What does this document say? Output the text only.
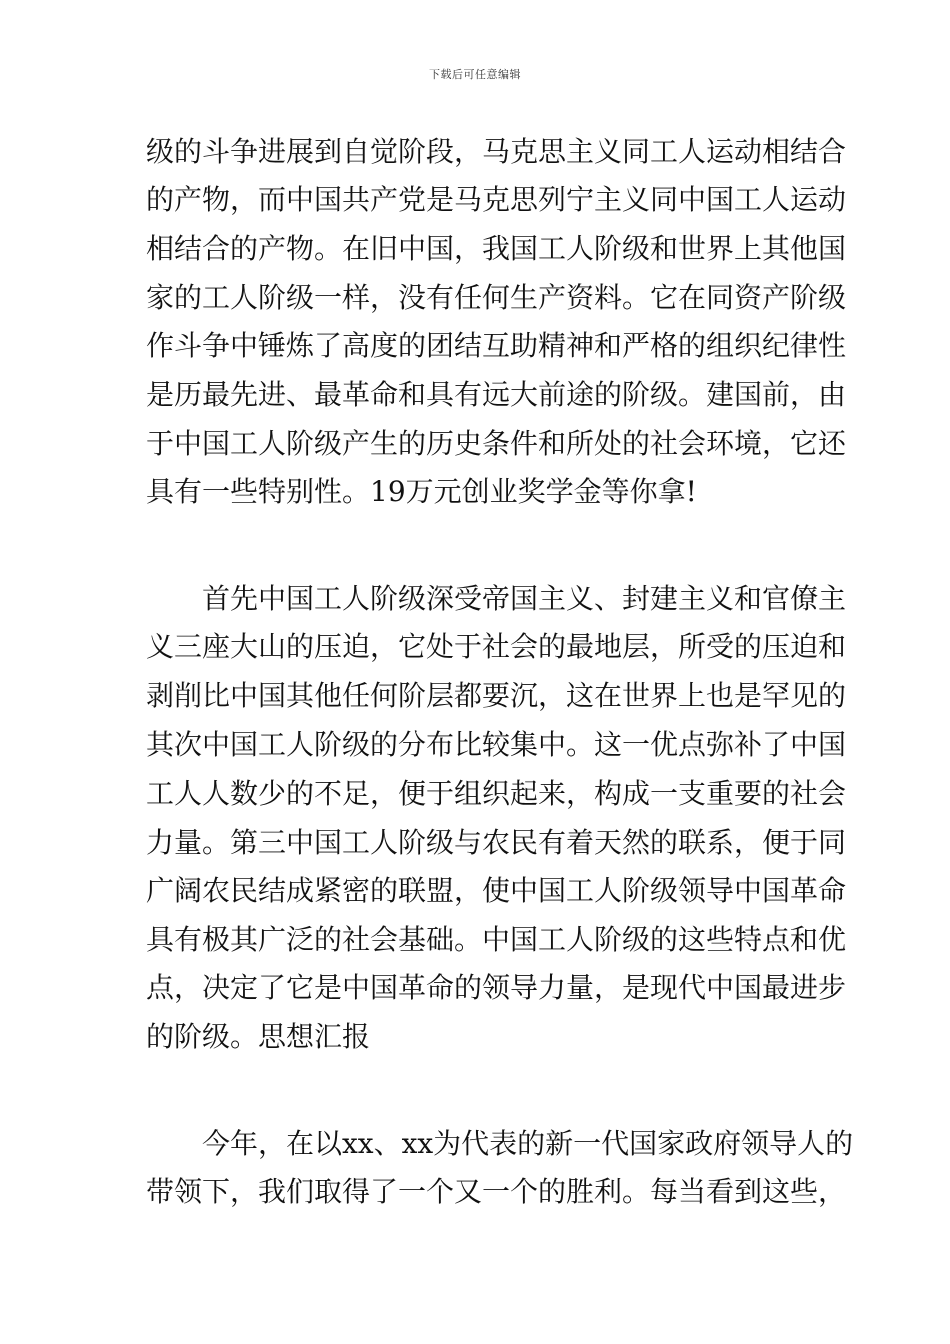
下载后可任意编辑
级的斗争进展到自觉阶段，马克思主义同工人运动相结合
的产物，而中国共产党是马克思列宁主义同中国工人运动
相结合的产物。在旧中国，我国工人阶级和世界上其他国
家的工人阶级一样，没有任何生产资料。它在同资产阶级
作斗争中锤炼了高度的团结互助精神和严格的组织纪律性
是历最先进、最革命和具有远大前途的阶级。建国前，由
于中国工人阶级产生的历史条件和所处的社会环境，它还
具有一些特别性。19万元创业奖学金等你拿!
首先中国工人阶级深受帝国主义、封建主义和官僚主
义三座大山的压迫，它处于社会的最地层，所受的压迫和
剥削比中国其他任何阶层都要沉，这在世界上也是罕见的
其次中国工人阶级的分布比较集中。这一优点弥补了中国
工人人数少的不足，便于组织起来，构成一支重要的社会
力量。第三中国工人阶级与农民有着天然的联系，便于同
广阔农民结成紧密的联盟，使中国工人阶级领导中国革命
具有极其广泛的社会基础。中国工人阶级的这些特点和优
点，决定了它是中国革命的领导力量，是现代中国最进步
的阶级。思想汇报
今年，在以xx、xx为代表的新一代国家政府领导人的
带领下，我们取得了一个又一个的胜利。每当看到这些，
